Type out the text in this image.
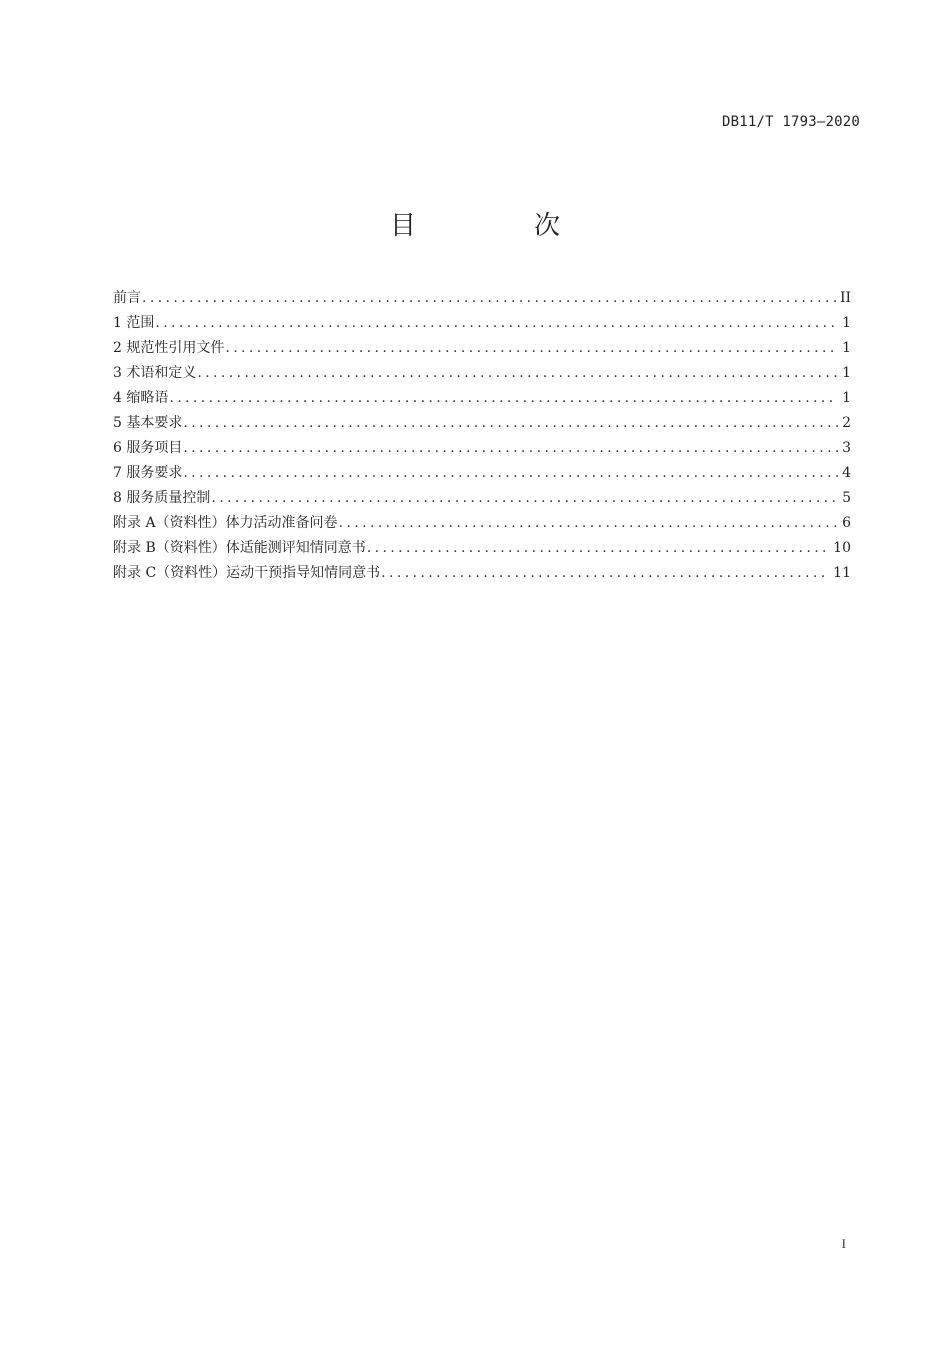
DB11/T 1793—2020
目　次
前言 .....	II
1 范围 .....	1
2 规范性引用文件 .....	1
3 术语和定义 .....	1
4 缩略语 .....	1
5 基本要求 .....	2
6 服务项目 .....	3
7 服务要求 .....	4
8 服务质量控制 .....	5
附录 A（资料性）体力活动准备问卷 .....	6
附录 B（资料性）体适能测评知情同意书 .....	10
附录 C（资料性）运动干预指导知情同意书 .....	11
I
